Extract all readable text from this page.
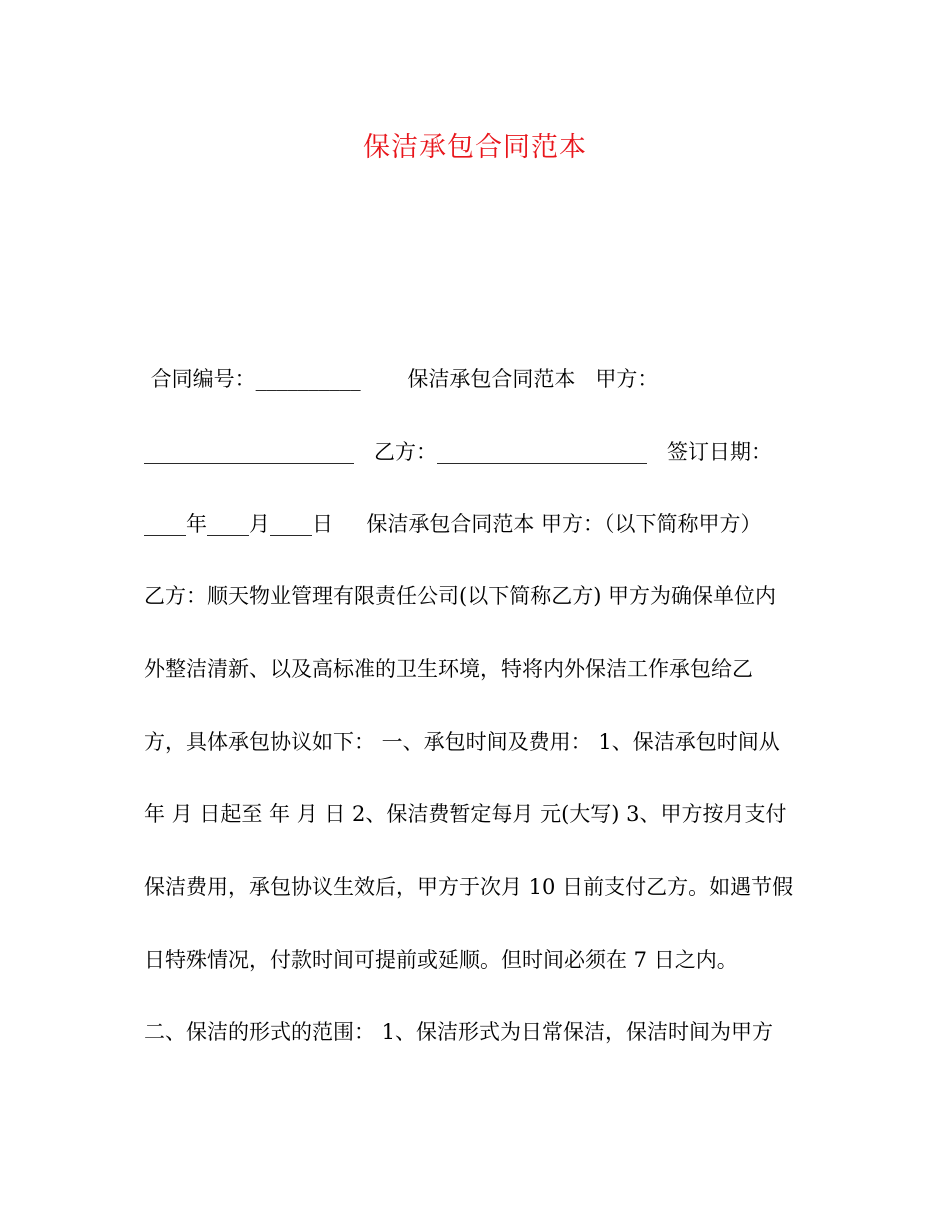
保洁承包合同范本
合同编号：__________       保洁承包合同范本   甲方：
____________________   乙方：____________________   签订日期：
____年____月____日     保洁承包合同范本 甲方：（以下简称甲方）
乙方：顺天物业管理有限责任公司(以下简称乙方) 甲方为确保单位内
外整洁清新、以及高标准的卫生环境，特将内外保洁工作承包给乙
方，具体承包协议如下： 一、承包时间及费用： 1、保洁承包时间从
年 月 日起至 年 月 日 2、保洁费暂定每月 元(大写) 3、甲方按月支付
保洁费用，承包协议生效后，甲方于次月 10 日前支付乙方。如遇节假
日特殊情况，付款时间可提前或延顺。但时间必须在 7 日之内。
二、保洁的形式的范围： 1、保洁形式为日常保洁，保洁时间为甲方
